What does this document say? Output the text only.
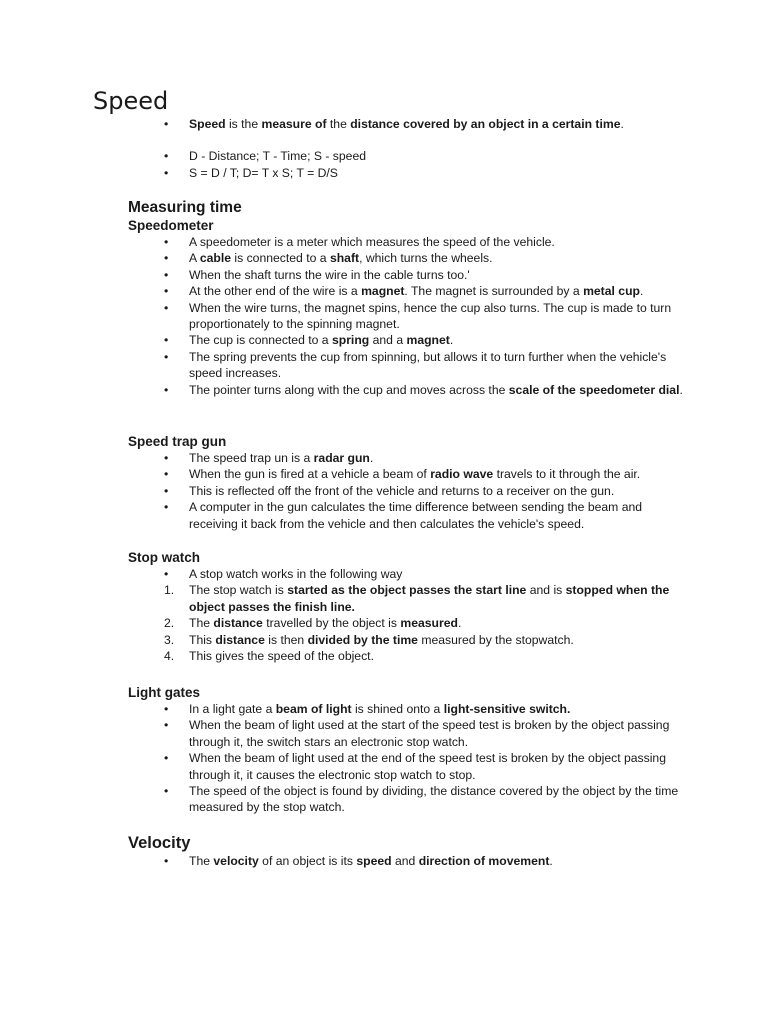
Speed
•
Speed is the measure of the distance covered by an object in a certain time.
•
D - Distance; T - Time; S - speed
•
S = D / T; D= T x S; T = D/S
Measuring time
Speedometer
•
A speedometer is a meter which measures the speed of the vehicle.
•
A cable is connected to a shaft, which turns the wheels.
•
When the shaft turns the wire in the cable turns too.'
•
At the other end of the wire is a magnet. The magnet is surrounded by a metal cup.
•
When the wire turns, the magnet spins, hence the cup also turns. The cup is made to turn proportionately to the spinning magnet.
•
The cup is connected to a spring and a magnet.
•
The spring prevents the cup from spinning, but allows it to turn further when the vehicle's speed increases.
•
The pointer turns along with the cup and moves across the scale of the speedometer dial.
Speed trap gun
•
The speed trap un is a radar gun.
•
When the gun is fired at a vehicle a beam of radio wave travels to it through the air.
•
This is reflected off the front of the vehicle and returns to a receiver on the gun.
•
A computer in the gun calculates the time difference between sending the beam and receiving it back from the vehicle and then calculates the vehicle's speed.
Stop watch
•
A stop watch works in the following way
1.	The stop watch is started as the object passes the start line and is stopped when the object passes the finish line.
2.	The distance travelled by the object is measured.
3.	This distance is then divided by the time measured by the stopwatch.
4.	This gives the speed of the object.
Light gates
•
In a light gate a beam of light is shined onto a light-sensitive switch.
•
When the beam of light used at the start of the speed test is broken by the object passing through it, the switch stars an electronic stop watch.
•
When the beam of light used at the end of the speed test is broken by the object passing through it, it causes the electronic stop watch to stop.
•
The speed of the object is found by dividing, the distance covered by the object by the time measured by the stop watch.
Velocity
•
The velocity of an object is its speed and direction of movement.
